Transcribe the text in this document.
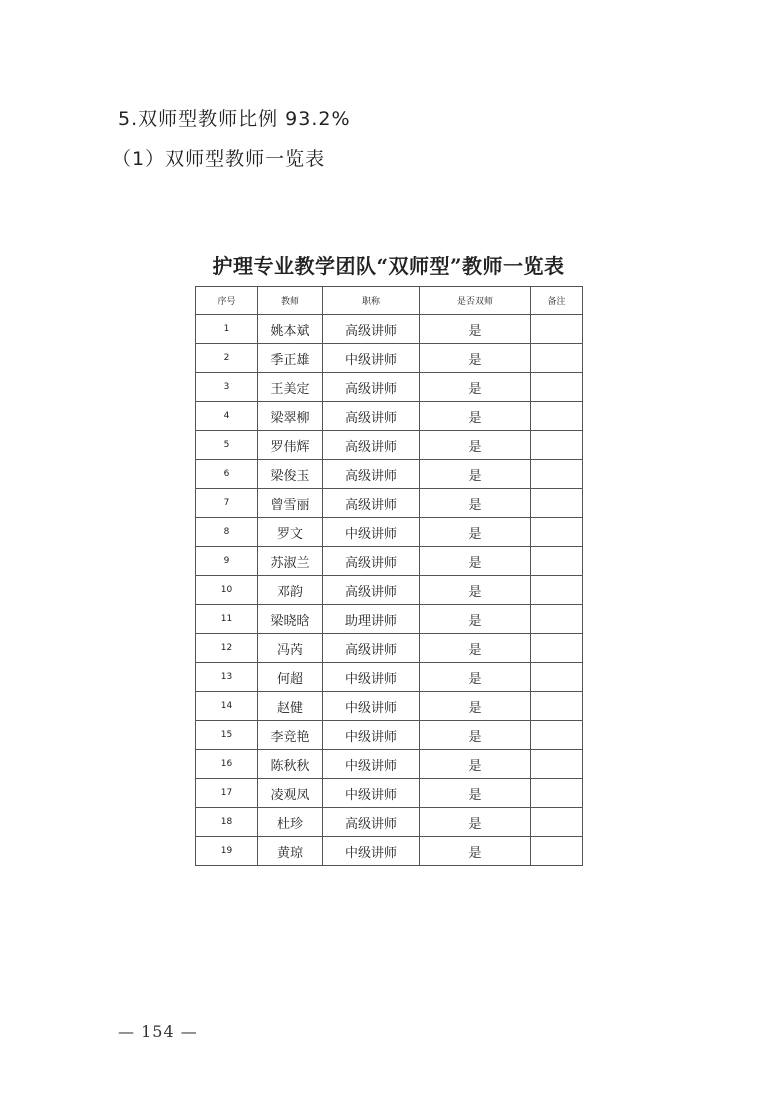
5.双师型教师比例 93.2%
（1）双师型教师一览表
护理专业教学团队“双师型”教师一览表
序号	教师	职称	是否双师	备注
1	姚本斌	高级讲师	是	
2	季正雄	中级讲师	是	
3	王美定	高级讲师	是	
4	梁翠柳	高级讲师	是	
5	罗伟辉	高级讲师	是	
6	梁俊玉	高级讲师	是	
7	曾雪丽	高级讲师	是	
8	罗文	中级讲师	是	
9	苏淑兰	高级讲师	是	
10	邓韵	高级讲师	是	
11	梁晓晗	助理讲师	是	
12	冯芮	高级讲师	是	
13	何超	中级讲师	是	
14	赵健	中级讲师	是	
15	李竞艳	中级讲师	是	
16	陈秋秋	中级讲师	是	
17	凌观凤	中级讲师	是	
18	杜珍	高级讲师	是	
19	黄琼	中级讲师	是	
— 154 —
